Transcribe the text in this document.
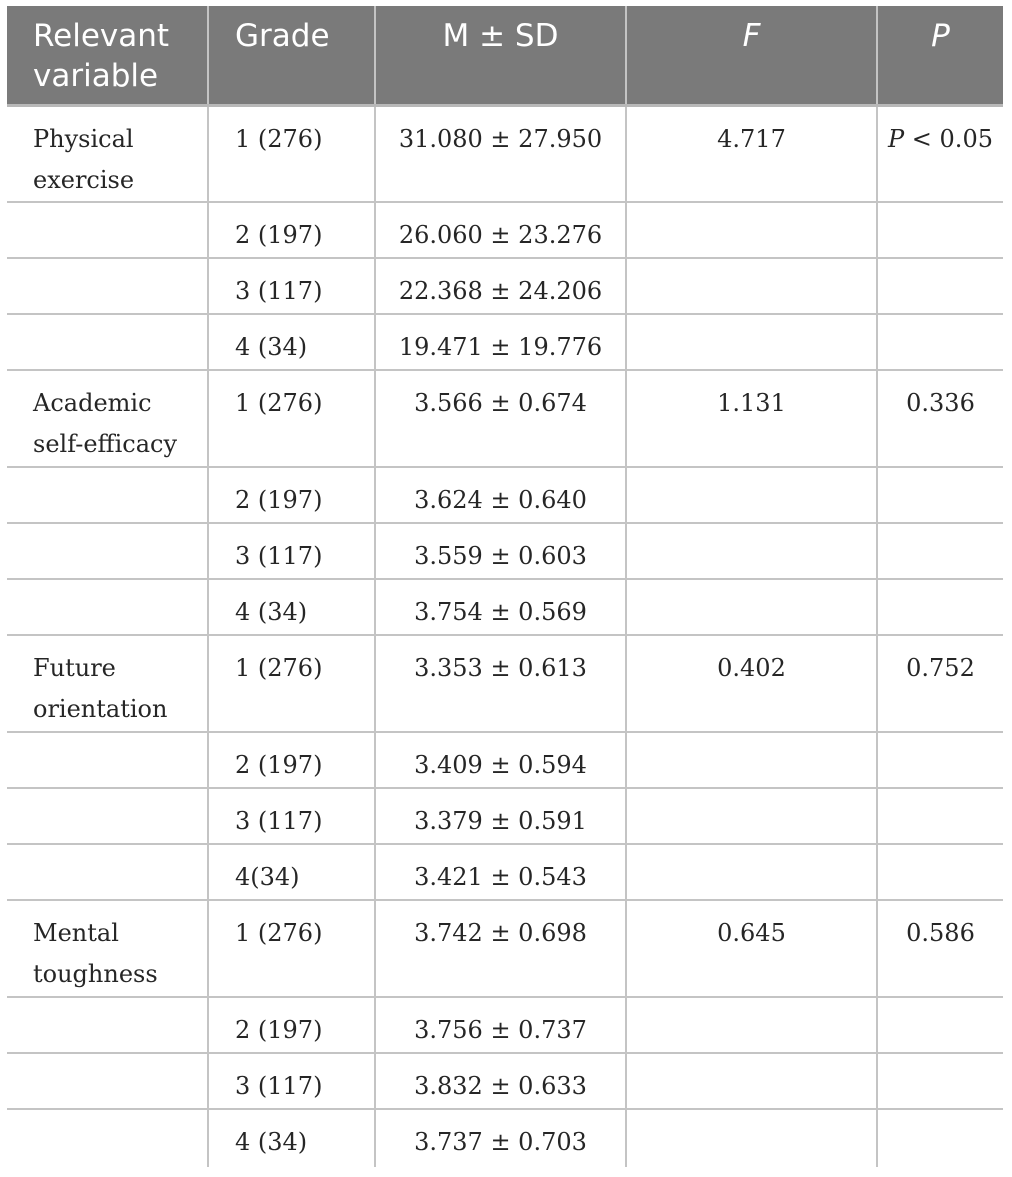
Relevant variable	Grade	M ± SD	F	P
Physical exercise	1 (276)	31.080 ± 27.950	4.717	P < 0.05
	2 (197)	26.060 ± 23.276		
	3 (117)	22.368 ± 24.206		
	4 (34)	19.471 ± 19.776		
Academic self-efficacy	1 (276)	3.566 ± 0.674	1.131	0.336
	2 (197)	3.624 ± 0.640		
	3 (117)	3.559 ± 0.603		
	4 (34)	3.754 ± 0.569		
Future orientation	1 (276)	3.353 ± 0.613	0.402	0.752
	2 (197)	3.409 ± 0.594		
	3 (117)	3.379 ± 0.591		
	4(34)	3.421 ± 0.543		
Mental toughness	1 (276)	3.742 ± 0.698	0.645	0.586
	2 (197)	3.756 ± 0.737		
	3 (117)	3.832 ± 0.633		
	4 (34)	3.737 ± 0.703		
